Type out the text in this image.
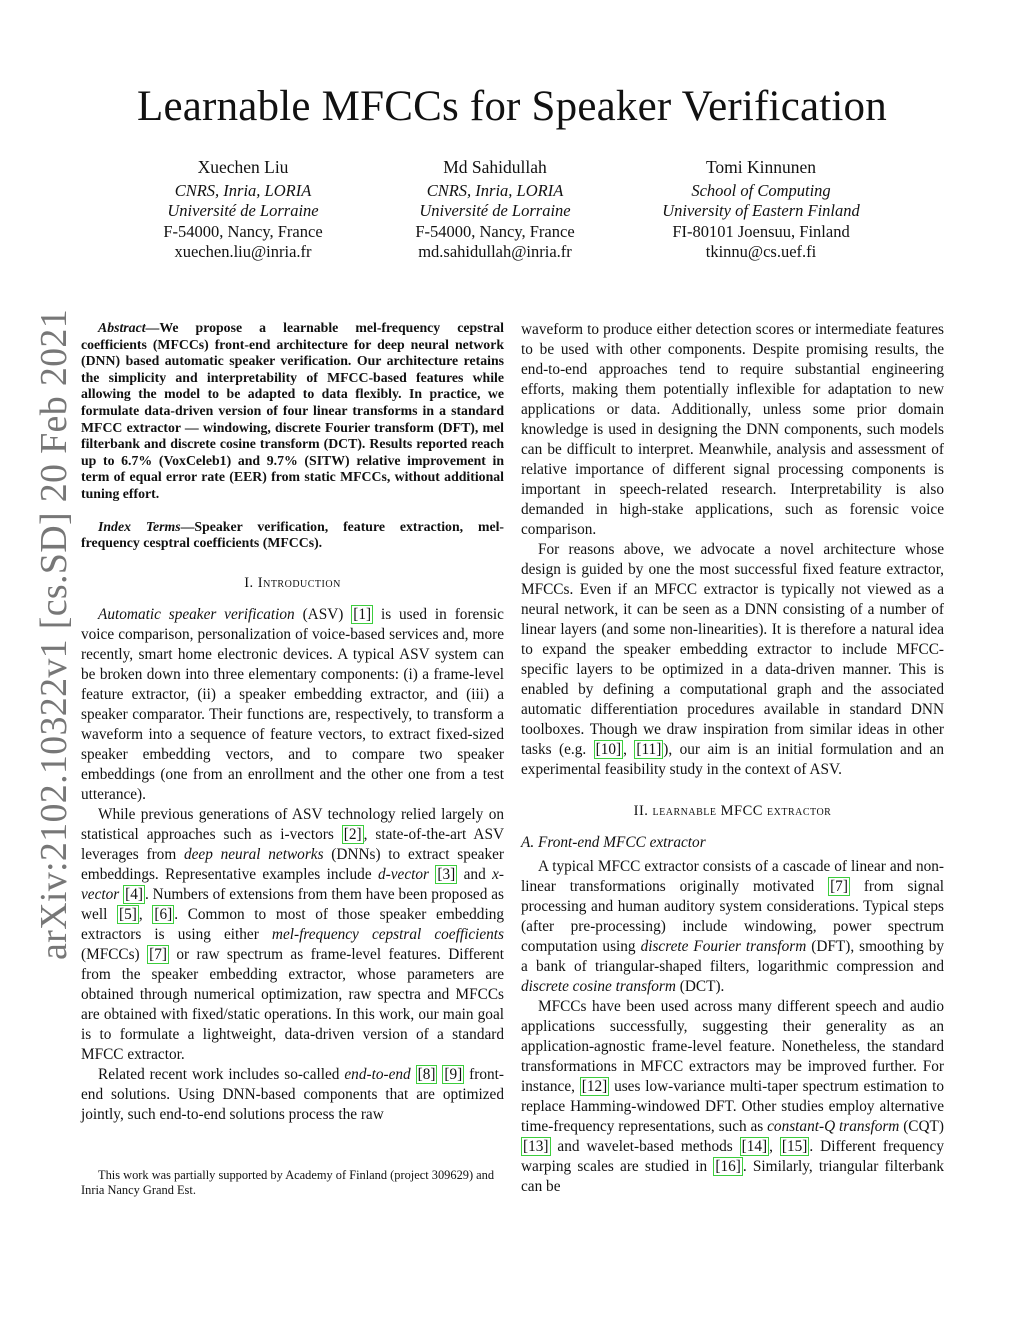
arXiv:2102.10322v1 [cs.SD] 20 Feb 2021
Learnable MFCCs for Speaker Verification
Xuechen Liu
CNRS, Inria, LORIA
Université de Lorraine
F-54000, Nancy, France
xuechen.liu@inria.fr
Md Sahidullah
CNRS, Inria, LORIA
Université de Lorraine
F-54000, Nancy, France
md.sahidullah@inria.fr
Tomi Kinnunen
School of Computing
University of Eastern Finland
FI-80101 Joensuu, Finland
tkinnu@cs.uef.fi

Abstract—We propose a learnable mel-frequency cepstral coefficients (MFCCs) front-end architecture for deep neural network (DNN) based automatic speaker verification. Our architecture retains the simplicity and interpretability of MFCC-based features while allowing the model to be adapted to data flexibly. In practice, we formulate data-driven version of four linear transforms in a standard MFCC extractor — windowing, discrete Fourier transform (DFT), mel filterbank and discrete cosine transform (DCT). Results reported reach up to 6.7% (VoxCeleb1) and 9.7% (SITW) relative improvement in term of equal error rate (EER) from static MFCCs, without additional tuning effort.

Index Terms—Speaker verification, feature extraction, mel-frequency cesptral coefficients (MFCCs).

I. Introduction

Automatic speaker verification (ASV) [1] is used in forensic voice comparison, personalization of voice-based services and, more recently, smart home electronic devices. A typical ASV system can be broken down into three elementary components: (i) a frame-level feature extractor, (ii) a speaker embedding extractor, and (iii) a speaker comparator. Their functions are, respectively, to transform a waveform into a sequence of feature vectors, to extract fixed-sized speaker embedding vectors, and to compare two speaker embeddings (one from an enrollment and the other one from a test utterance).

While previous generations of ASV technology relied largely on statistical approaches such as i-vectors [2] , state-of-the-art ASV leverages from deep neural networks (DNNs) to extract speaker embeddings. Representative examples include d-vector [3] and x-vector [4] . Numbers of extensions from them have been proposed as well [5] , [6] . Common to most of those speaker embedding extractors is using either mel-frequency cepstral coefficients (MFCCs) [7] or raw spectrum as frame-level features. Different from the speaker embedding extractor, whose parameters are obtained through numerical optimization, raw spectra and MFCCs are obtained with fixed/static operations. In this work, our main goal is to formulate a lightweight, data-driven version of a standard MFCC extractor.

Related recent work includes so-called end-to-end [8] [9] front-end solutions. Using DNN-based components that are optimized jointly, such end-to-end solutions process the raw

This work was partially supported by Academy of Finland (project 309629) and Inria Nancy Grand Est.

waveform to produce either detection scores or intermediate features to be used with other components. Despite promising results, the end-to-end approaches tend to require substantial engineering efforts, making them potentially inflexible for adaptation to new applications or data. Additionally, unless some prior domain knowledge is used in designing the DNN components, such models can be difficult to interpret. Meanwhile, analysis and assessment of relative importance of different signal processing components is important in speech-related research. Interpretability is also demanded in high-stake applications, such as forensic voice comparison.

For reasons above, we advocate a novel architecture whose design is guided by one the most successful fixed feature extractor, MFCCs. Even if an MFCC extractor is typically not viewed as a neural network, it can be seen as a DNN consisting of a number of linear layers (and some non-linearities). It is therefore a natural idea to expand the speaker embedding extractor to include MFCC-specific layers to be optimized in a data-driven manner. This is enabled by defining a computational graph and the associated automatic differentiation procedures available in standard DNN toolboxes. Though we draw inspiration from similar ideas in other tasks (e.g. [10] , [11] ), our aim is an initial formulation and an experimental feasibility study in the context of ASV.

II. learnable MFCC extractor
A. Front-end MFCC extractor

A typical MFCC extractor consists of a cascade of linear and non-linear transformations originally motivated [7] from signal processing and human auditory system considerations. Typical steps (after pre-processing) include windowing, power spectrum computation using discrete Fourier transform (DFT), smoothing by a bank of triangular-shaped filters, logarithmic compression and discrete cosine transform (DCT).

MFCCs have been used across many different speech and audio applications successfully, suggesting their generality as an application-agnostic frame-level feature. Nonetheless, the standard transformations in MFCC extractors may be improved further. For instance, [12] uses low-variance multi-taper spectrum estimation to replace Hamming-windowed DFT. Other studies employ alternative time-frequency representations, such as constant-Q transform (CQT) [13] and wavelet-based methods [14] , [15] . Different frequency warping scales are studied in [16] . Similarly, triangular filterbank can be
